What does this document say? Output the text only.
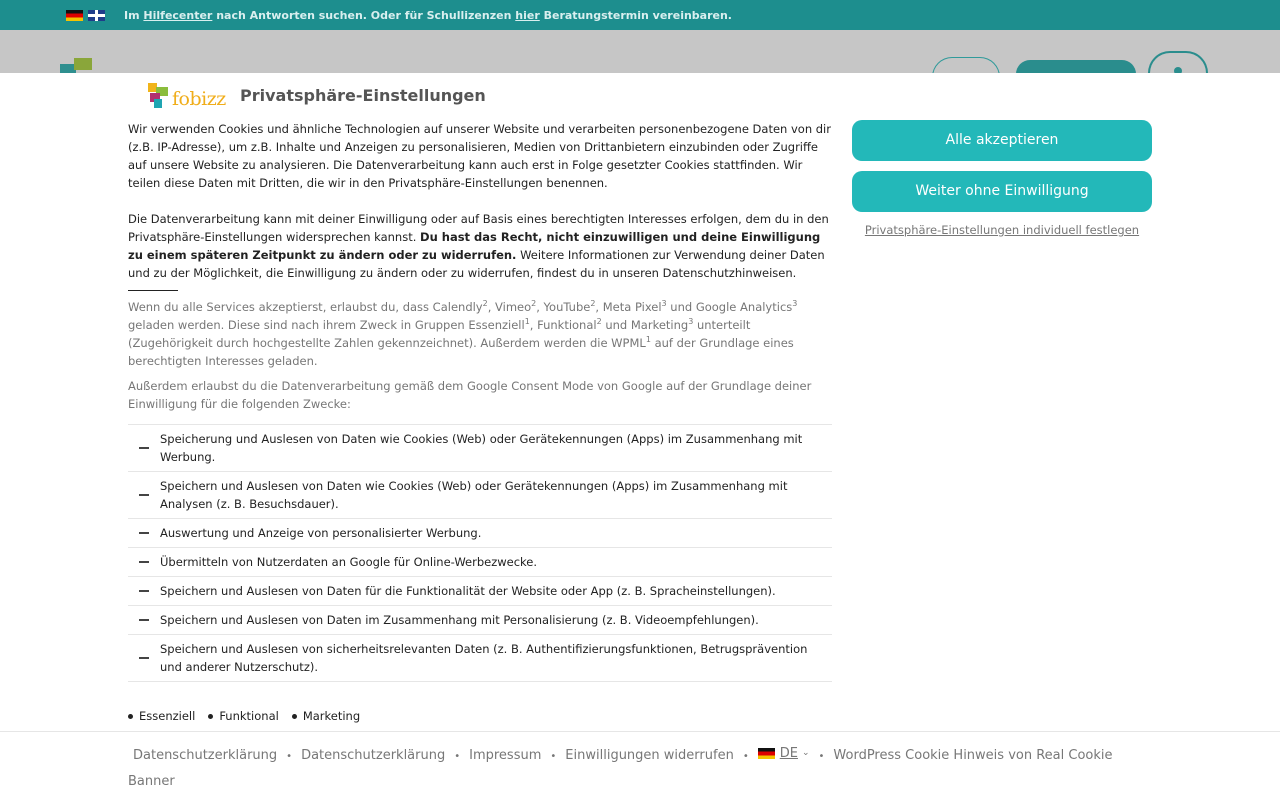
Im Hilfecenter nach Antworten suchen. Oder für Schullizenzen hier Beratungstermin vereinbaren.
fobizz Privatsphäre-Einstellungen

Wir verwenden Cookies und ähnliche Technologien auf unserer Website und verarbeiten personenbezogene Daten von dir (z.B. IP-Adresse), um z.B. Inhalte und Anzeigen zu personalisieren, Medien von Drittanbietern einzubinden oder Zugriffe auf unsere Website zu analysieren. Die Datenverarbeitung kann auch erst in Folge gesetzter Cookies stattfinden. Wir teilen diese Daten mit Dritten, die wir in den Privatsphäre-Einstellungen benennen.

Die Datenverarbeitung kann mit deiner Einwilligung oder auf Basis eines berechtigten Interesses erfolgen, dem du in den Privatsphäre-Einstellungen widersprechen kannst. Du hast das Recht, nicht einzuwilligen und deine Einwilligung zu einem späteren Zeitpunkt zu ändern oder zu widerrufen. Weitere Informationen zur Verwendung deiner Daten und zu der Möglichkeit, die Einwilligung zu ändern oder zu widerrufen, findest du in unseren Datenschutzhinweisen.

Wenn du alle Services akzeptierst, erlaubst du, dass Calendly$^2$, Vimeo$^2$, YouTube$^2$, Meta Pixel$^3$ und Google Analytics$^3$ geladen werden. Diese sind nach ihrem Zweck in Gruppen Essenziell$^1$, Funktional$^2$ und Marketing$^3$ unterteilt (Zugehörigkeit durch hochgestellte Zahlen gekennzeichnet). Außerdem werden die WPML$^1$ auf der Grundlage eines berechtigten Interesses geladen.

Außerdem erlaubst du die Datenverarbeitung gemäß dem Google Consent Mode von Google auf der Grundlage deiner Einwilligung für die folgenden Zwecke:

Speicherung und Auslesen von Daten wie Cookies (Web) oder Gerätekennungen (Apps) im Zusammenhang mit Werbung.
Speichern und Auslesen von Daten wie Cookies (Web) oder Gerätekennungen (Apps) im Zusammenhang mit Analysen (z. B. Besuchsdauer).
Auswertung und Anzeige von personalisierter Werbung.
Übermitteln von Nutzerdaten an Google für Online-Werbezwecke.
Speichern und Auslesen von Daten für die Funktionalität der Website oder App (z. B. Spracheinstellungen).
Speichern und Auslesen von Daten im Zusammenhang mit Personalisierung (z. B. Videoempfehlungen).
Speichern und Auslesen von sicherheitsrelevanten Daten (z. B. Authentifizierungsfunktionen, Betrugsprävention und anderer Nutzerschutz).
Essenziell Funktional Marketing
Alle akzeptieren
Weiter ohne Einwilligung
Privatsphäre-Einstellungen individuell festlegen
Datenschutzerklärung • Datenschutzerklärung • Impressum • Einwilligungen widerrufen • DE ⌄ • WordPress Cookie Hinweis von Real Cookie Banner
